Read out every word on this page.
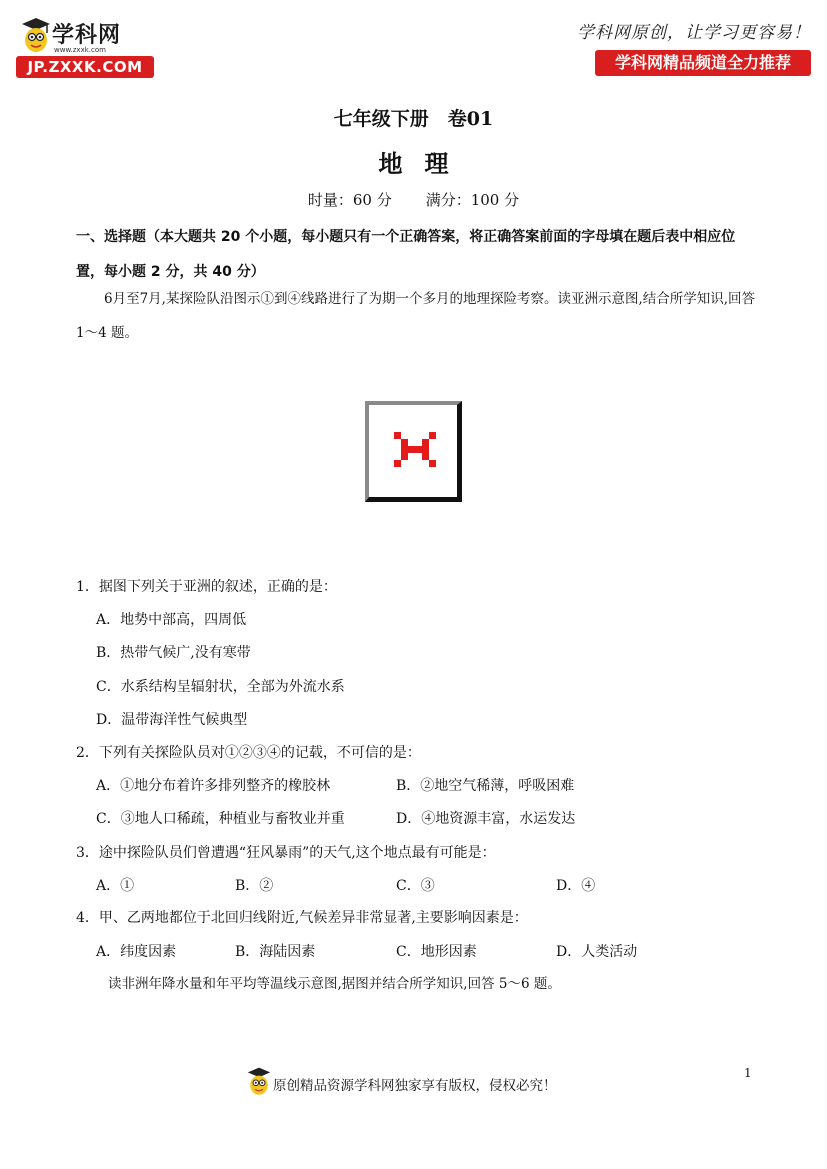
学科网
www.zxxk.com
JP.ZXXK.COM
学科网原创，让学习更容易！
学科网精品频道全力推荐
七年级下册　卷01
地理
时量：60 分 满分：100 分
一、选择题（本大题共 20 个小题，每小题只有一个正确答案，将正确答案前面的字母填在题后表中相应位置，每小题 2 分，共 40 分）
6月至7月,某探险队沿图示①到④线路进行了为期一个多月的地理探险考察。读亚洲示意图,结合所学知识,回答 1～4 题。
1．据图下列关于亚洲的叙述，正确的是：
A．地势中部高，四周低
B．热带气候广,没有寒带
C．水系结构呈辐射状，全部为外流水系
D．温带海洋性气候典型
2．下列有关探险队员对①②③④的记载，不可信的是：
A．①地分布着许多排列整齐的橡胶林	B．②地空气稀薄，呼吸困难
C．③地人口稀疏，种植业与畜牧业并重	D．④地资源丰富，水运发达
3．途中探险队员们曾遭遇“狂风暴雨”的天气,这个地点最有可能是：
A．①	B．②	C．③	D．④
4．甲、乙两地都位于北回归线附近,气候差异非常显著,主要影响因素是：
A．纬度因素	B．海陆因素	C．地形因素	D．人类活动
读非洲年降水量和年平均等温线示意图,据图并结合所学知识,回答 5～6 题。
原创精品资源学科网独家享有版权，侵权必究！
1
